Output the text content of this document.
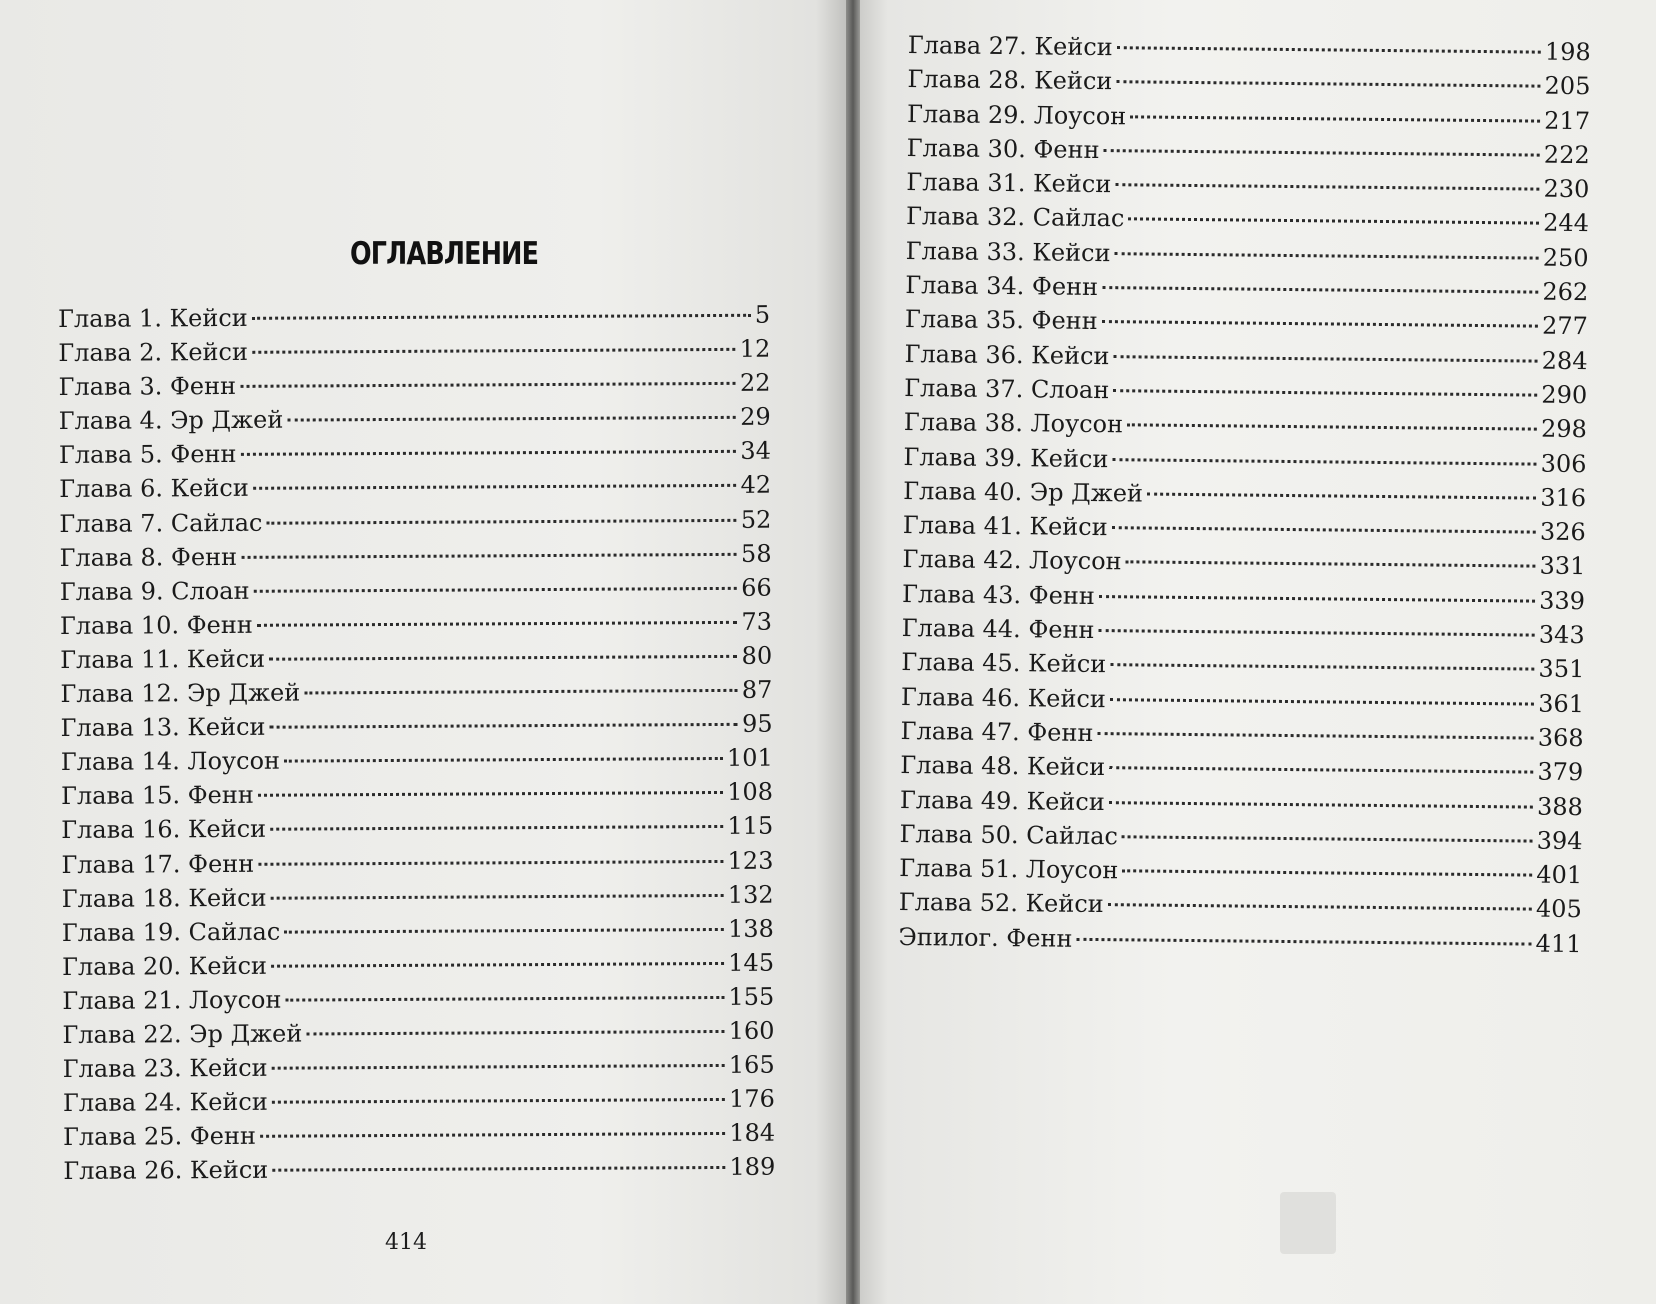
ОГЛАВЛЕНИЕ
Глава 1. Кейси	5
Глава 2. Кейси	12
Глава 3. Фенн	22
Глава 4. Эр Джей	29
Глава 5. Фенн	34
Глава 6. Кейси	42
Глава 7. Сайлас	52
Глава 8. Фенн	58
Глава 9. Слоан	66
Глава 10. Фенн	73
Глава 11. Кейси	80
Глава 12. Эр Джей	87
Глава 13. Кейси	95
Глава 14. Лоусон	101
Глава 15. Фенн	108
Глава 16. Кейси	115
Глава 17. Фенн	123
Глава 18. Кейси	132
Глава 19. Сайлас	138
Глава 20. Кейси	145
Глава 21. Лоусон	155
Глава 22. Эр Джей	160
Глава 23. Кейси	165
Глава 24. Кейси	176
Глава 25. Фенн	184
Глава 26. Кейси	189
Глава 27. Кейси	198
Глава 28. Кейси	205
Глава 29. Лоусон	217
Глава 30. Фенн	222
Глава 31. Кейси	230
Глава 32. Сайлас	244
Глава 33. Кейси	250
Глава 34. Фенн	262
Глава 35. Фенн	277
Глава 36. Кейси	284
Глава 37. Слоан	290
Глава 38. Лоусон	298
Глава 39. Кейси	306
Глава 40. Эр Джей	316
Глава 41. Кейси	326
Глава 42. Лоусон	331
Глава 43. Фенн	339
Глава 44. Фенн	343
Глава 45. Кейси	351
Глава 46. Кейси	361
Глава 47. Фенн	368
Глава 48. Кейси	379
Глава 49. Кейси	388
Глава 50. Сайлас	394
Глава 51. Лоусон	401
Глава 52. Кейси	405
Эпилог. Фенн	411
414
